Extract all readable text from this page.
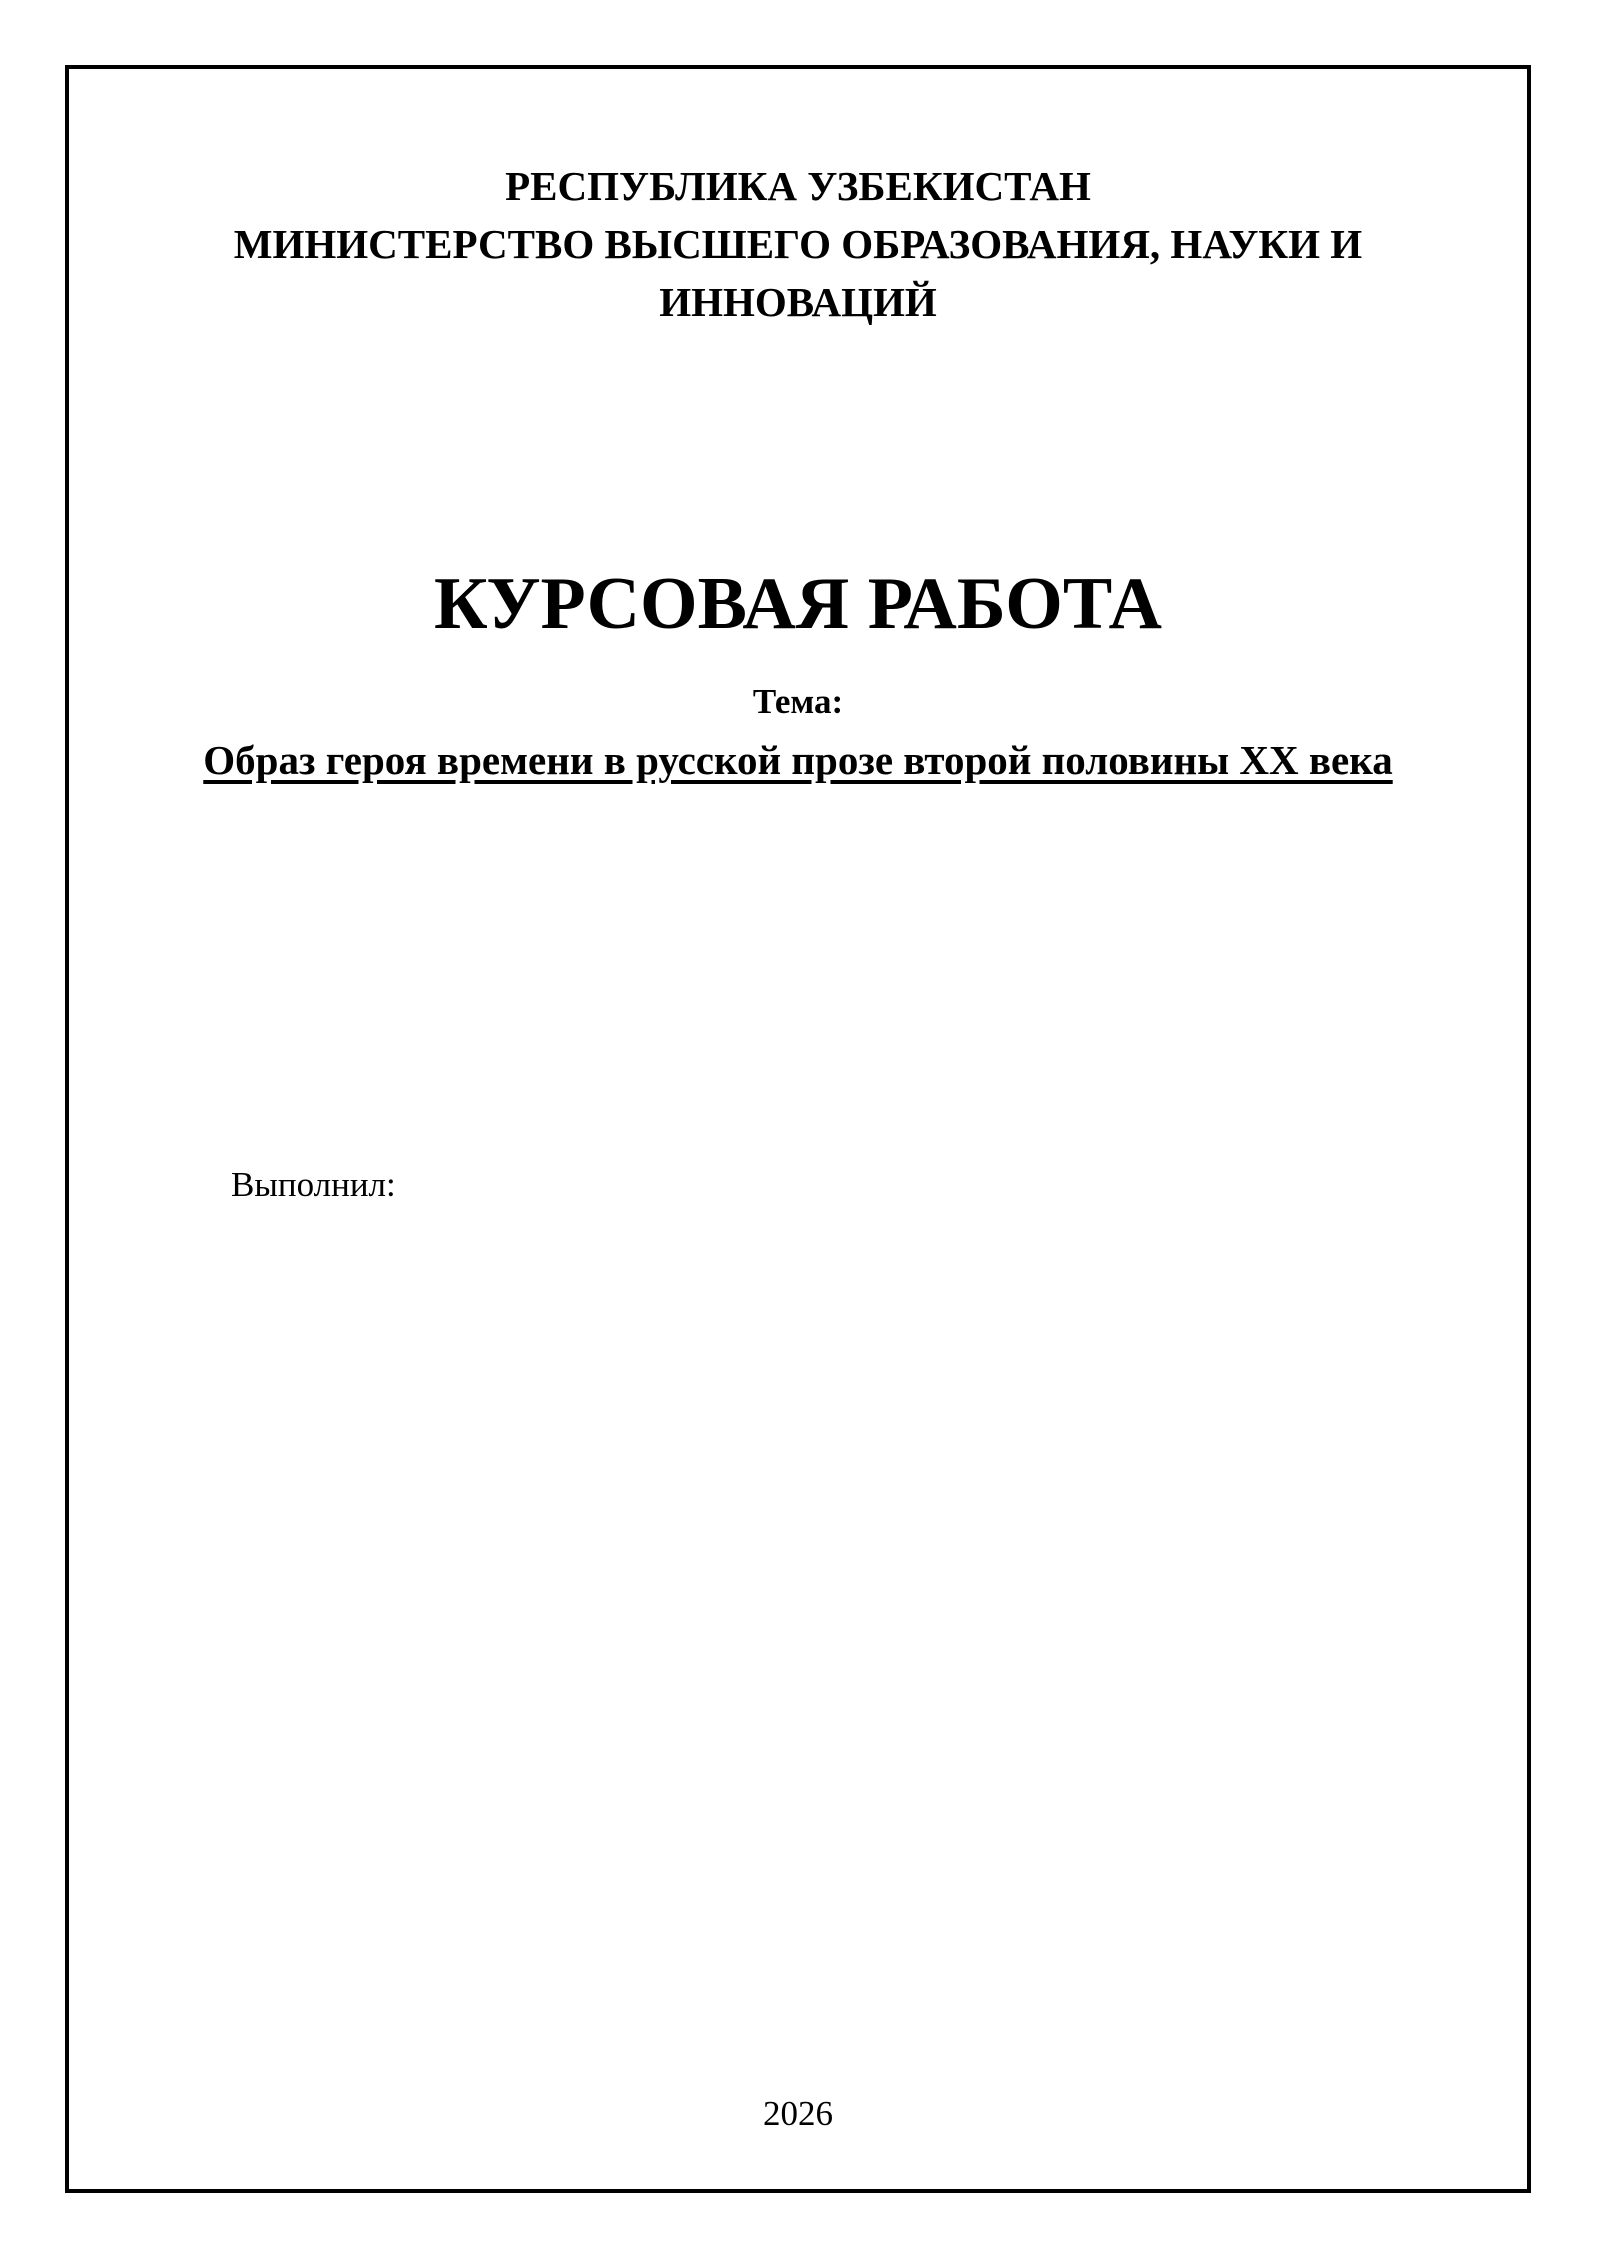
РЕСПУБЛИКА УЗБЕКИСТАН
МИНИСТЕРСТВО ВЫСШЕГО ОБРАЗОВАНИЯ, НАУКИ И ИННОВАЦИЙ
КУРСОВАЯ РАБОТА
Тема:
Образ героя времени в русской прозе второй половины XX века
Выполнил:
2026
